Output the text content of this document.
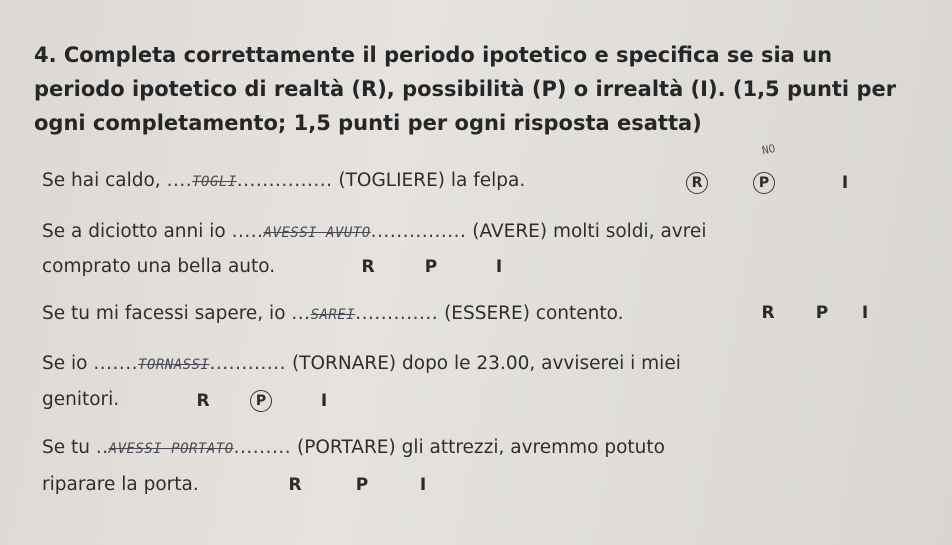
4. Completa correttamente il periodo ipotetico e specifica se sia un periodo ipotetico di realtà (R), possibilità (P) o irrealtà (I). (1,5 punti per ogni completamento; 1,5 punti per ogni risposta esatta)
Se hai caldo, ....TOGLI............... (TOGLIERE) la felpa.
NO
R	P	I
Se a diciotto anni io .....AVESSI AVUTO............... (AVERE) molti soldi, avrei
comprato una bella auto.	R	P	I
Se tu mi facessi sapere, io ...SAREI............. (ESSERE) contento.	R P	I
Se io .......TORNASSI............ (TORNARE) dopo le 23.00, avviserei i miei
genitori.	R	P	I
Se tu ..AVESSI PORTATO......... (PORTARE) gli attrezzi, avremmo potuto
riparare la porta.	R	P	I
